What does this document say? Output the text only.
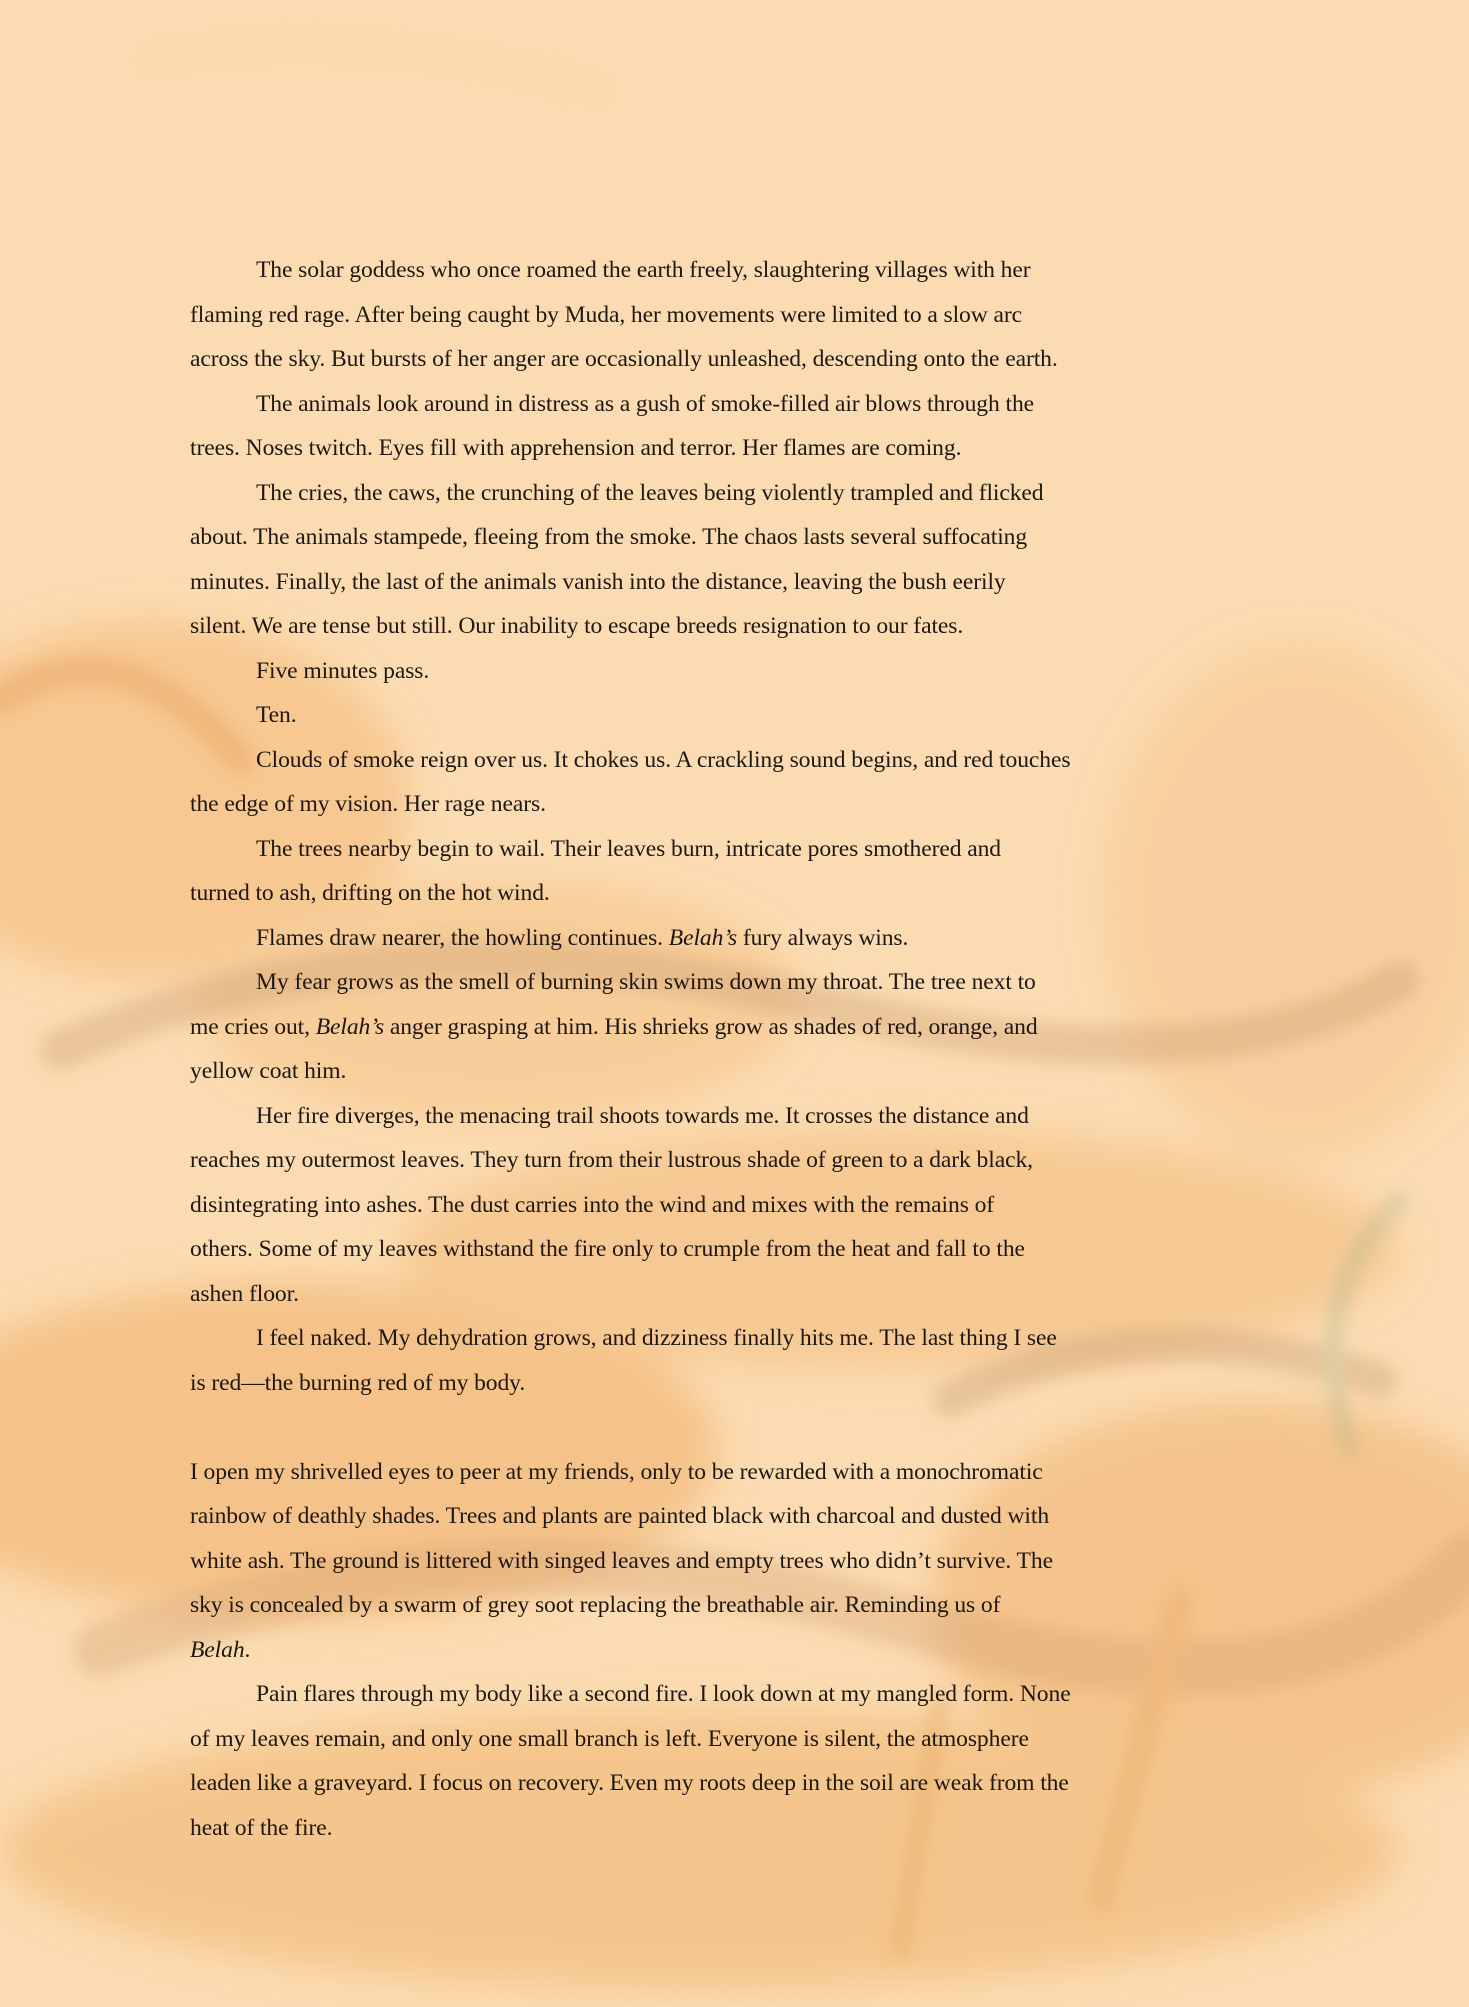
The solar goddess who once roamed the earth freely, slaughtering villages with her
flaming red rage. After being caught by Muda, her movements were limited to a slow arc
across the sky. But bursts of her anger are occasionally unleashed, descending onto the earth.
The animals look around in distress as a gush of smoke-filled air blows through the
trees. Noses twitch. Eyes fill with apprehension and terror. Her flames are coming.
The cries, the caws, the crunching of the leaves being violently trampled and flicked
about. The animals stampede, fleeing from the smoke. The chaos lasts several suffocating
minutes. Finally, the last of the animals vanish into the distance, leaving the bush eerily
silent. We are tense but still. Our inability to escape breeds resignation to our fates.
Five minutes pass.
Ten.
Clouds of smoke reign over us. It chokes us. A crackling sound begins, and red touches
the edge of my vision. Her rage nears.
The trees nearby begin to wail. Their leaves burn, intricate pores smothered and
turned to ash, drifting on the hot wind.
Flames draw nearer, the howling continues. Belah’s fury always wins.
My fear grows as the smell of burning skin swims down my throat. The tree next to
me cries out, Belah’s anger grasping at him. His shrieks grow as shades of red, orange, and
yellow coat him.
Her fire diverges, the menacing trail shoots towards me. It crosses the distance and
reaches my outermost leaves. They turn from their lustrous shade of green to a dark black,
disintegrating into ashes. The dust carries into the wind and mixes with the remains of
others. Some of my leaves withstand the fire only to crumple from the heat and fall to the
ashen floor.
I feel naked. My dehydration grows, and dizziness finally hits me. The last thing I see
is red—the burning red of my body.
I open my shrivelled eyes to peer at my friends, only to be rewarded with a monochromatic
rainbow of deathly shades. Trees and plants are painted black with charcoal and dusted with
white ash. The ground is littered with singed leaves and empty trees who didn’t survive. The
sky is concealed by a swarm of grey soot replacing the breathable air. Reminding us of
Belah.
Pain flares through my body like a second fire. I look down at my mangled form. None
of my leaves remain, and only one small branch is left. Everyone is silent, the atmosphere
leaden like a graveyard. I focus on recovery. Even my roots deep in the soil are weak from the
heat of the fire.
